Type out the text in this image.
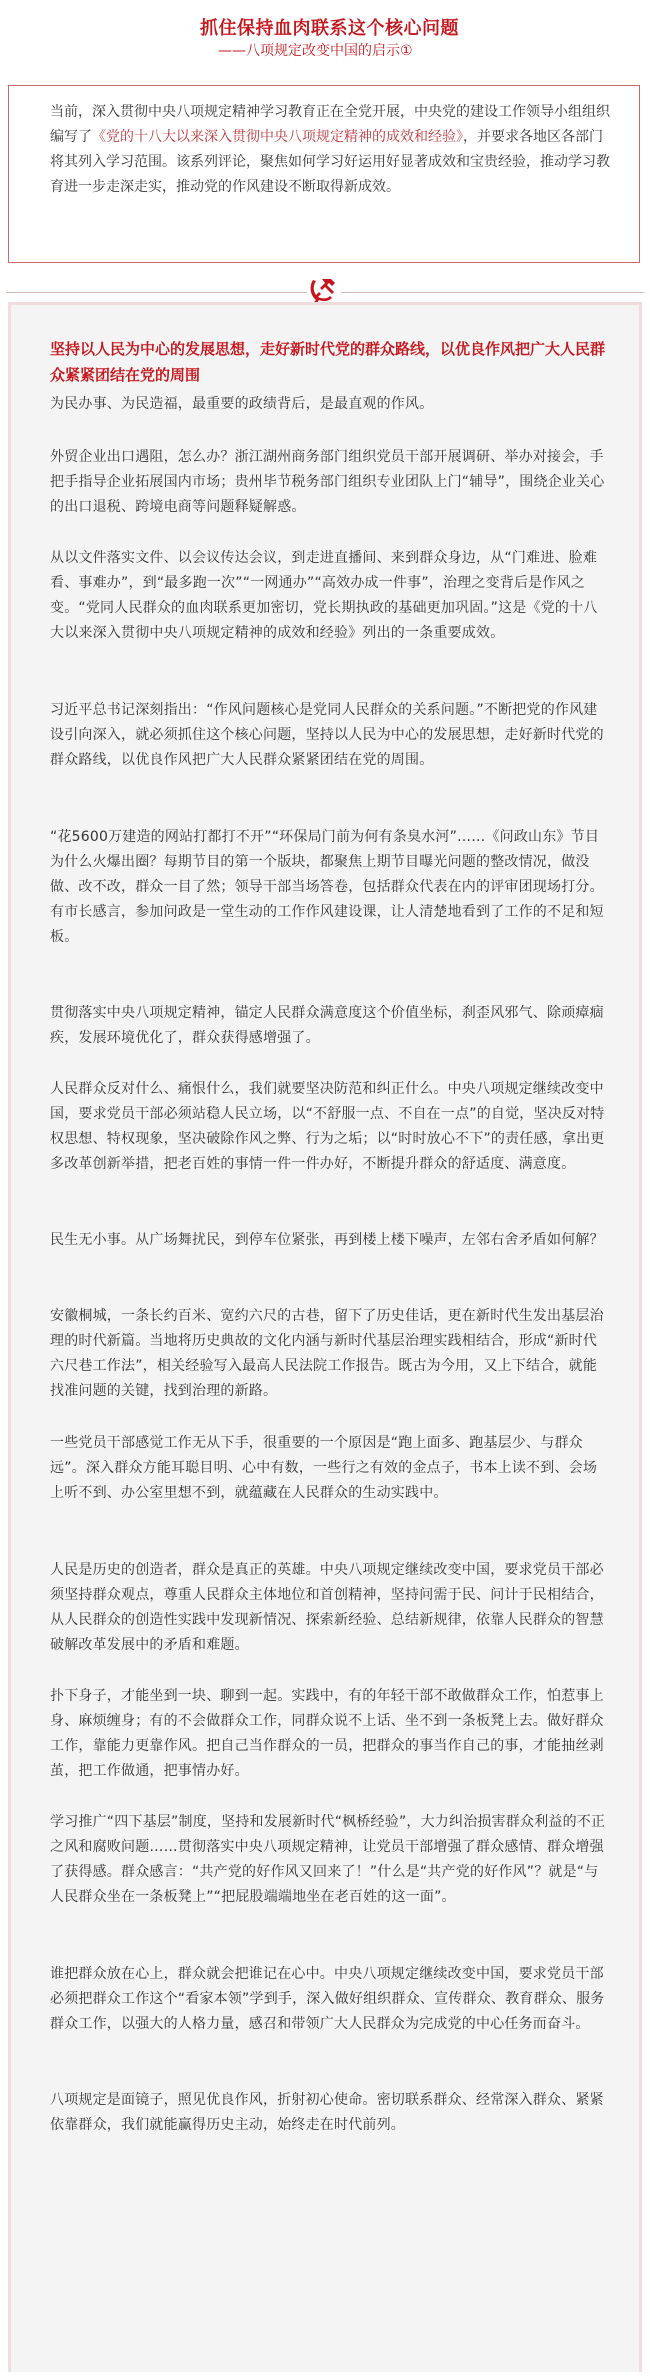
抓住保持血肉联系这个核心问题
——八项规定改变中国的启示①
当前，深入贯彻中央八项规定精神学习教育正在全党开展，中央党的建设工作领导小组组织编写了《党的十八大以来深入贯彻中央八项规定精神的成效和经验》，并要求各地区各部门将其列入学习范围。该系列评论，聚焦如何学习好运用好显著成效和宝贵经验，推动学习教育进一步走深走实，推动党的作风建设不断取得新成效。
坚持以人民为中心的发展思想，走好新时代党的群众路线，以优良作风把广大人民群众紧紧团结在党的周围
为民办事、为民造福，最重要的政绩背后，是最直观的作风。
外贸企业出口遇阻，怎么办？浙江湖州商务部门组织党员干部开展调研、举办对接会，手把手指导企业拓展国内市场；贵州毕节税务部门组织专业团队上门“辅导”，围绕企业关心的出口退税、跨境电商等问题释疑解惑。
从以文件落实文件、以会议传达会议，到走进直播间、来到群众身边，从“门难进、脸难看、事难办”，到“最多跑一次”“一网通办”“高效办成一件事”，治理之变背后是作风之变。“党同人民群众的血肉联系更加密切，党长期执政的基础更加巩固。”这是《党的十八大以来深入贯彻中央八项规定精神的成效和经验》列出的一条重要成效。
习近平总书记深刻指出：“作风问题核心是党同人民群众的关系问题。”不断把党的作风建设引向深入，就必须抓住这个核心问题，坚持以人民为中心的发展思想，走好新时代党的群众路线，以优良作风把广大人民群众紧紧团结在党的周围。
“花5600万建造的网站打都打不开”“环保局门前为何有条臭水河”……《问政山东》节目为什么火爆出圈？每期节目的第一个版块，都聚焦上期节目曝光问题的整改情况，做没做、改不改，群众一目了然；领导干部当场答卷，包括群众代表在内的评审团现场打分。有市长感言，参加问政是一堂生动的工作作风建设课，让人清楚地看到了工作的不足和短板。
贯彻落实中央八项规定精神，锚定人民群众满意度这个价值坐标，刹歪风邪气、除顽瘴痼疾，发展环境优化了，群众获得感增强了。
人民群众反对什么、痛恨什么，我们就要坚决防范和纠正什么。中央八项规定继续改变中国，要求党员干部必须站稳人民立场，以“不舒服一点、不自在一点”的自觉，坚决反对特权思想、特权现象，坚决破除作风之弊、行为之垢；以“时时放心不下”的责任感，拿出更多改革创新举措，把老百姓的事情一件一件办好，不断提升群众的舒适度、满意度。
民生无小事。从广场舞扰民，到停车位紧张，再到楼上楼下噪声，左邻右舍矛盾如何解？
安徽桐城，一条长约百米、宽约六尺的古巷，留下了历史佳话，更在新时代生发出基层治理的时代新篇。当地将历史典故的文化内涵与新时代基层治理实践相结合，形成“新时代六尺巷工作法”，相关经验写入最高人民法院工作报告。既古为今用，又上下结合，就能找准问题的关键，找到治理的新路。
一些党员干部感觉工作无从下手，很重要的一个原因是“跑上面多、跑基层少、与群众远”。深入群众方能耳聪目明、心中有数，一些行之有效的金点子，书本上读不到、会场上听不到、办公室里想不到，就蕴藏在人民群众的生动实践中。
人民是历史的创造者，群众是真正的英雄。中央八项规定继续改变中国，要求党员干部必须坚持群众观点，尊重人民群众主体地位和首创精神，坚持问需于民、问计于民相结合，从人民群众的创造性实践中发现新情况、探索新经验、总结新规律，依靠人民群众的智慧破解改革发展中的矛盾和难题。
扑下身子，才能坐到一块、聊到一起。实践中，有的年轻干部不敢做群众工作，怕惹事上身、麻烦缠身；有的不会做群众工作，同群众说不上话、坐不到一条板凳上去。做好群众工作，靠能力更靠作风。把自己当作群众的一员，把群众的事当作自己的事，才能抽丝剥茧，把工作做通，把事情办好。
学习推广“四下基层”制度，坚持和发展新时代“枫桥经验”，大力纠治损害群众利益的不正之风和腐败问题……贯彻落实中央八项规定精神，让党员干部增强了群众感情、群众增强了获得感。群众感言：“共产党的好作风又回来了！”什么是“共产党的好作风”？就是“与人民群众坐在一条板凳上”“把屁股端端地坐在老百姓的这一面”。
谁把群众放在心上，群众就会把谁记在心中。中央八项规定继续改变中国，要求党员干部必须把群众工作这个“看家本领”学到手，深入做好组织群众、宣传群众、教育群众、服务群众工作，以强大的人格力量，感召和带领广大人民群众为完成党的中心任务而奋斗。
八项规定是面镜子，照见优良作风，折射初心使命。密切联系群众、经常深入群众、紧紧依靠群众，我们就能赢得历史主动，始终走在时代前列。
